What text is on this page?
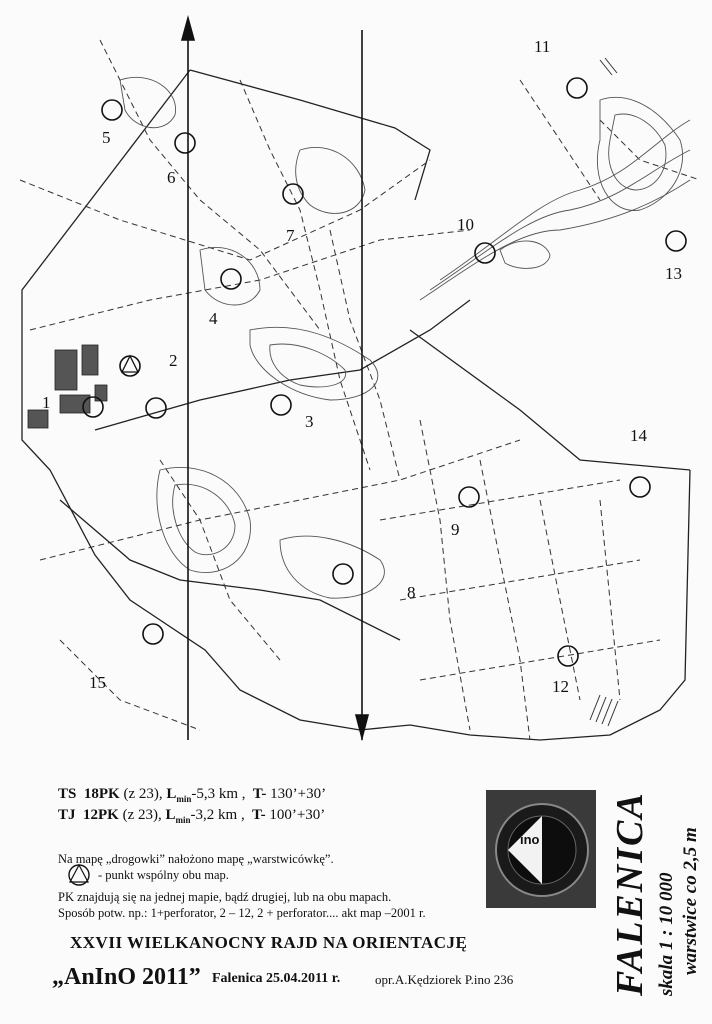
1
2
3
4
5
6
7
8
9
10
11
12
13
14
15
TS 18PK (z 23), $L_{min}-5,3$ km , T- 130’+30’
TJ 12PK (z 23), $L_{min}-3,2$ km , T- 100’+30’
Na mapę „drogowki” nałożono mapę „warstwicówkę”.
- punkt wspólny obu map.
PK znajdują się na jednej mapie, bądź drugiej, lub na obu mapach.
Sposób potw. np.: 1+perforator, 2 – 12, 2 + perforator.... akt map –2001 r.
ino
XXVII WIELKANOCNY RAJD NA ORIENTACJĘ
„AnInO 2011” Falenica 25.04.2011 r.	opr.A.Kędziorek P.ino 236	FALENICA skala 1 : 10 000 warstwice co 2,5 m
